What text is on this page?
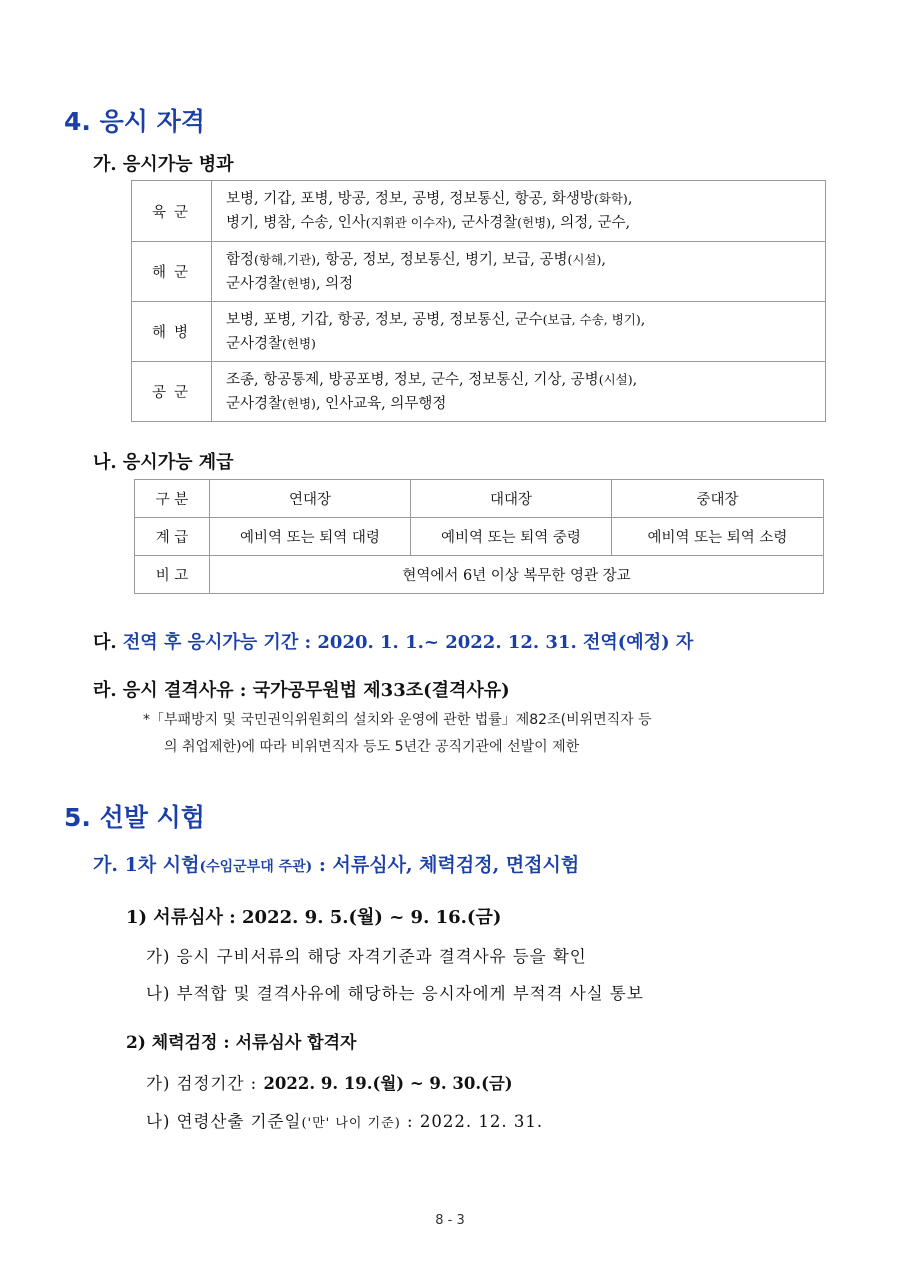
4. 응시 자격
가. 응시가능 병과
육군	보병, 기갑, 포병, 방공, 정보, 공병, 정보통신, 항공, 화생방(화학),
병기, 병참, 수송, 인사(지휘관 이수자), 군사경찰(헌병), 의정, 군수,

해군	함정(항해,기관), 항공, 정보, 정보통신, 병기, 보급, 공병(시설),
군사경찰(헌병), 의정

해병	보병, 포병, 기갑, 항공, 정보, 공병, 정보통신, 군수(보급, 수송, 병기),
군사경찰(헌병)

공군	조종, 항공통제, 방공포병, 정보, 군수, 정보통신, 기상, 공병(시설),
군사경찰(헌병), 인사교육, 의무행정
나. 응시가능 계급
구 분	연대장	대대장	중대장
계 급	예비역 또는 퇴역 대령	예비역 또는 퇴역 중령	예비역 또는 퇴역 소령
비 고	현역에서 6년 이상 복무한 영관 장교		
다. 전역 후 응시가능 기간 : 2020. 1. 1.~ 2022. 12. 31. 전역(예정) 자
라. 응시 결격사유 : 국가공무원법 제33조(결격사유)
*「부패방지 및 국민권익위원회의 설치와 운영에 관한 법률」제82조(비위면직자 등
의 취업제한)에 따라 비위면직자 등도 5년간 공직기관에 선발이 제한
5. 선발 시험
가. 1차 시험(수임군부대 주관) : 서류심사, 체력검정, 면접시험
1) 서류심사 : 2022. 9. 5.(월) ~ 9. 16.(금)
가) 응시 구비서류의 해당 자격기준과 결격사유 등을 확인
나) 부적합 및 결격사유에 해당하는 응시자에게 부적격 사실 통보
2) 체력검정 : 서류심사 합격자
가) 검정기간 : 2022. 9. 19.(월) ~ 9. 30.(금)
나) 연령산출 기준일('만' 나이 기준) : 2022. 12. 31.
8 - 3
